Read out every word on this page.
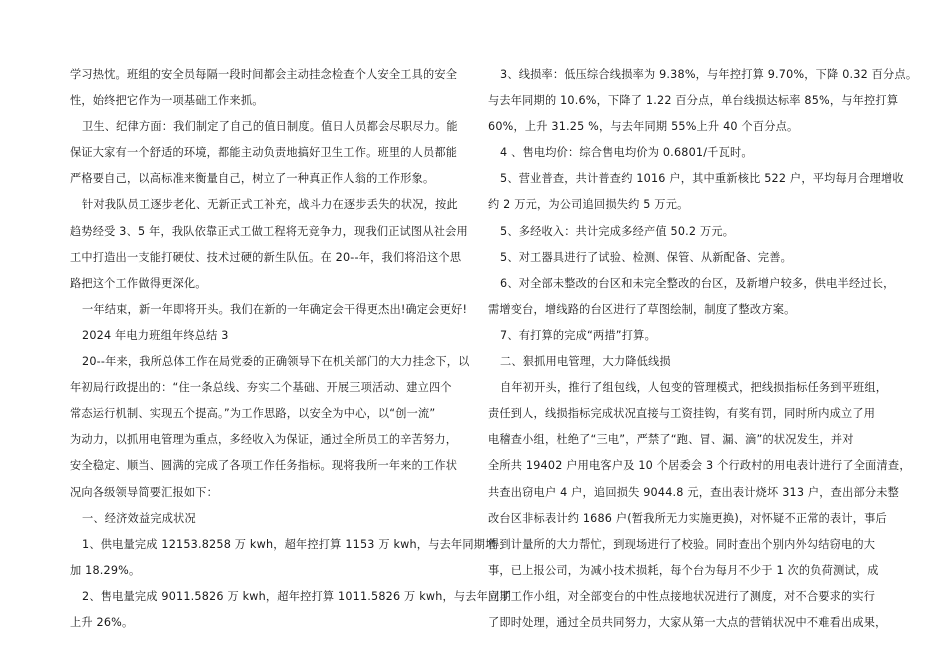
学习热忱。班组的安全员每隔一段时间都会主动挂念检查个人安全工具的安全
性，始终把它作为一项基础工作来抓。
卫生、纪律方面：我们制定了自己的值日制度。值日人员都会尽职尽力。能
保证大家有一个舒适的环境，都能主动负责地搞好卫生工作。班里的人员都能
严格要自己，以高标准来衡量自己，树立了一种真正作人翁的工作形象。
针对我队员工逐步老化、无新正式工补充，战斗力在逐步丢失的状况，按此
趋势经受 3、5 年，我队依靠正式工做工程将无竞争力，现我们正试图从社会用
工中打造出一支能打硬仗、技术过硬的新生队伍。在 20--年，我们将沿这个思
路把这个工作做得更深化。
一年结束，新一年即将开头。我们在新的一年确定会干得更杰出!确定会更好!
2024 年电力班组年终总结 3
20--年来，我所总体工作在局党委的正确领导下在机关部门的大力挂念下，以
年初局行政提出的：“住一条总线、夯实二个基础、开展三项活动、建立四个
常态运行机制、实现五个提高。”为工作思路，以安全为中心，以“创一流”
为动力，以抓用电管理为重点，多经收入为保证，通过全所员工的辛苦努力，
安全稳定、顺当、圆满的完成了各项工作任务指标。现将我所一年来的工作状
况向各级领导简要汇报如下：
一、经济效益完成状况
1、供电量完成 12153.8258 万 kwh，超年控打算 1153 万 kwh，与去年同期增
加 18.29%。
2、售电量完成 9011.5826 万 kwh，超年控打算 1011.5826 万 kwh，与去年同期
上升 26%。
3、线损率：低压综合线损率为 9.38%，与年控打算 9.70%，下降 0.32 百分点。
与去年同期的 10.6%，下降了 1.22 百分点，单台线损达标率 85%，与年控打算
60%，上升 31.25 %，与去年同期 55%上升 40 个百分点。
4 、售电均价：综合售电均价为 0.6801/千瓦时。
5、营业普查，共计普查约 1016 户，其中重新核比 522 户，平均每月合理增收
约 2 万元，为公司追回损失约 5 万元。
5、多经收入：共计完成多经产值 50.2 万元。
5、对工器具进行了试验、检测、保管、从新配备、完善。
6、对全部未整改的台区和未完全整改的台区，及新增户较多，供电半经过长，
需增变台，增线路的台区进行了草图绘制，制度了整改方案。
7、有打算的完成“两措”打算。
二、狠抓用电管理，大力降低线损
自年初开头，推行了组包线，人包变的管理模式，把线损指标任务到平班组，
责任到人，线损指标完成状况直接与工资挂钩，有奖有罚，同时所内成立了用
电稽查小组，杜绝了“三电”，严禁了“跑、冒、漏、滴”的状况发生，并对
全所共 19402 户用电客户及 10 个居委会 3 个行政村的用电表计进行了全面清查，
共查出窃电户 4 户，追回损失 9044.8 元，查出表计烧坏 313 户，查出部分未整
改台区非标表计约 1686 户(暂我所无力实施更换)，对怀疑不正常的表计，事后
得到计量所的大力帮忙，到现场进行了校验。同时查出个别内外勾结窃电的大
事，已上报公司，为减小技术损耗，每个台为每月不少于 1 次的负荷测试，成
立了工作小组，对全部变台的中性点接地状况进行了测度，对不合要求的实行
了即时处理，通过全员共同努力，大家从第一大点的营销状况中不难看出成果，
